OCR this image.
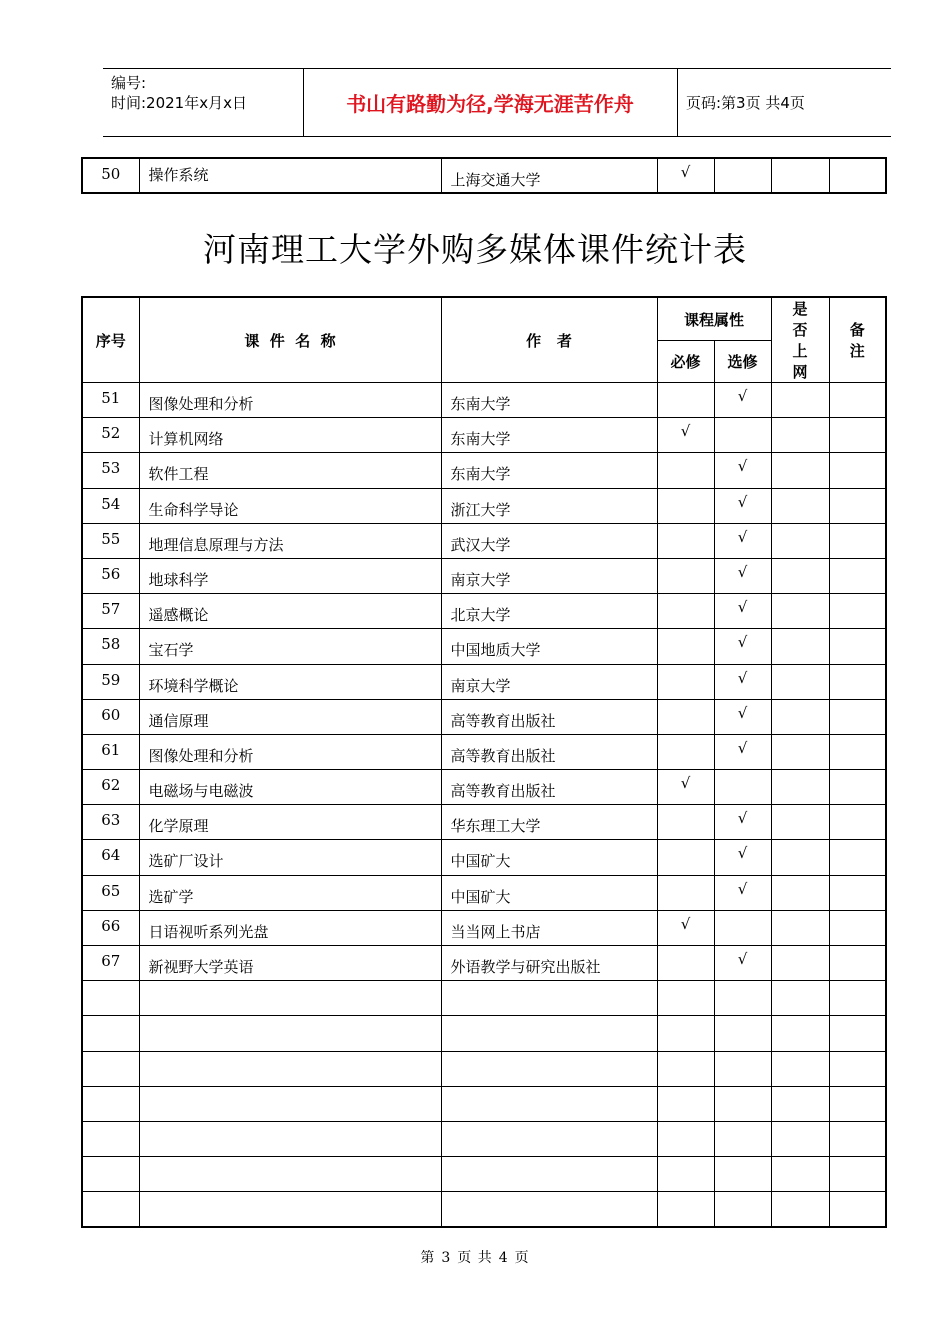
编号:
时间:2021年x月x日	书山有路勤为径,学海无涯苦作舟	页码:第3页 共4页
50	操作系统	上海交通大学	√			
河南理工大学外购多媒体课件统计表
序号	课  件  名  称	作   者	课程属性		是否上网	备注
			必修	选修		
51	图像处理和分析	东南大学		√		
52	计算机网络	东南大学	√			
53	软件工程	东南大学		√		
54	生命科学导论	浙江大学		√		
55	地理信息原理与方法	武汉大学		√		
56	地球科学	南京大学		√		
57	遥感概论	北京大学		√		
58	宝石学	中国地质大学		√		
59	环境科学概论	南京大学		√		
60	通信原理	高等教育出版社		√		
61	图像处理和分析	高等教育出版社		√		
62	电磁场与电磁波	高等教育出版社	√			
63	化学原理	华东理工大学		√		
64	选矿厂设计	中国矿大		√		
65	选矿学	中国矿大		√		
66	日语视听系列光盘	当当网上书店	√			
67	新视野大学英语	外语教学与研究出版社		√		

第 3 页 共 4 页
